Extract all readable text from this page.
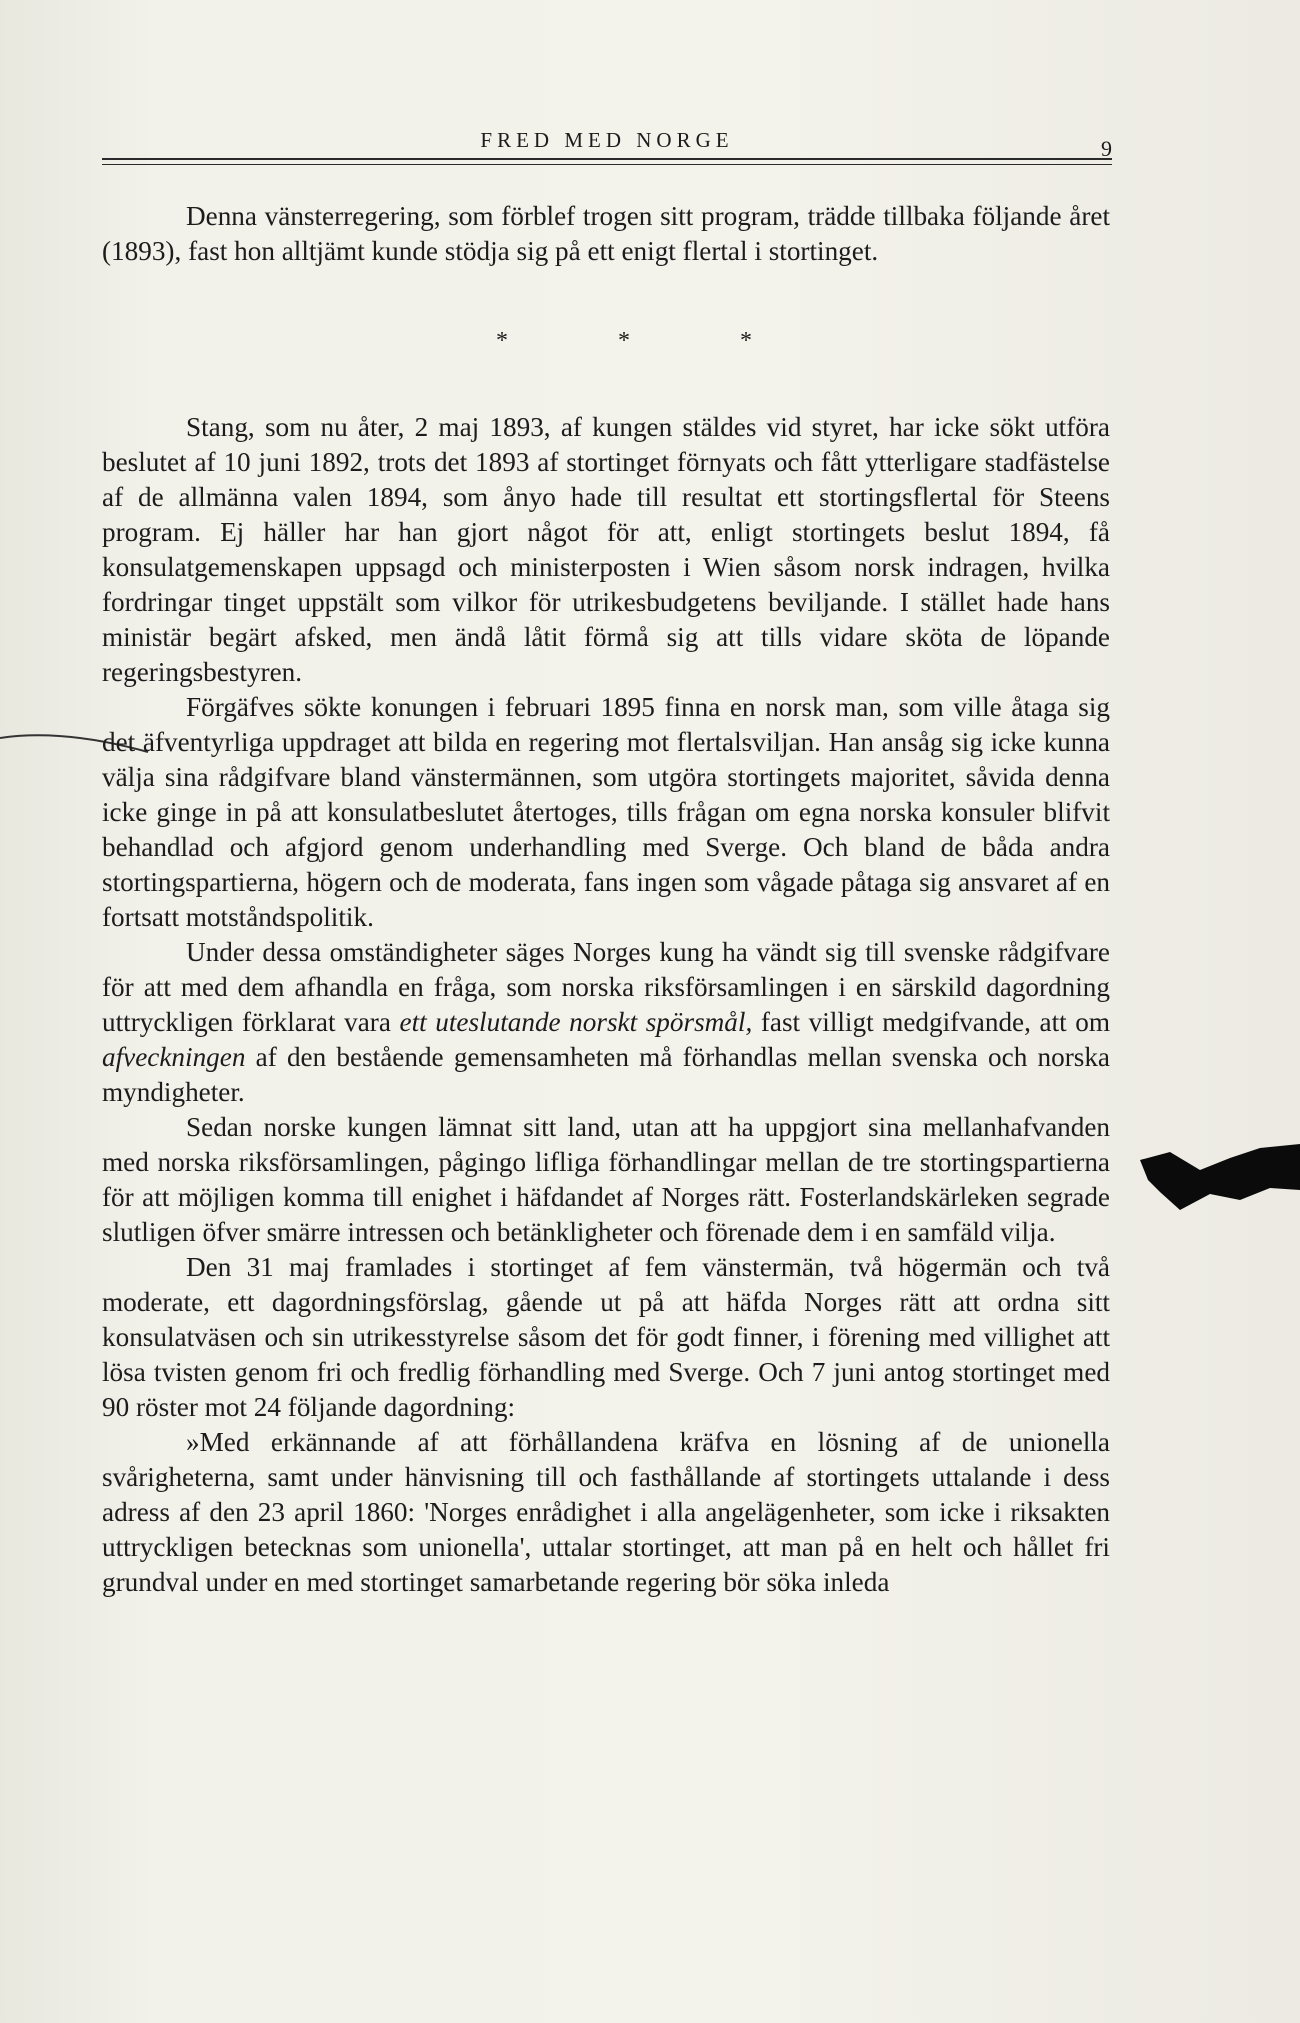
FRED MED NORGE	9

Denna vänsterregering, som förblef trogen sitt program, trädde tillbaka följande året (1893), fast hon alltjämt kunde stödja sig på ett enigt flertal i stortinget.

* * *

Stang, som nu åter, 2 maj 1893, af kungen stäldes vid styret, har icke sökt utföra beslutet af 10 juni 1892, trots det 1893 af stortinget förnyats och fått ytterligare stadfästelse af de allmänna valen 1894, som ånyo hade till resultat ett stortingsflertal för Steens program. Ej häller har han gjort något för att, enligt stortingets beslut 1894, få konsulatgemenskapen uppsagd och ministerposten i Wien såsom norsk indragen, hvilka fordringar tinget uppstält som vilkor för utrikesbudgetens beviljande. I stället hade hans ministär begärt afsked, men ändå låtit förmå sig att tills vidare sköta de löpande regeringsbestyren.

Förgäfves sökte konungen i februari 1895 finna en norsk man, som ville åtaga sig det äfventyrliga uppdraget att bilda en regering mot flertalsviljan. Han ansåg sig icke kunna välja sina rådgifvare bland vänstermännen, som utgöra stortingets majoritet, såvida denna icke ginge in på att konsulatbeslutet återtoges, tills frågan om egna norska konsuler blifvit behandlad och afgjord genom underhandling med Sverge. Och bland de båda andra stortingspartierna, högern och de moderata, fans ingen som vågade påtaga sig ansvaret af en fortsatt motståndspolitik.

Under dessa omständigheter säges Norges kung ha vändt sig till svenske rådgifvare för att med dem afhandla en fråga, som norska riksförsamlingen i en särskild dagordning uttryckligen förklarat vara ett uteslutande norskt spörsmål, fast villigt medgifvande, att om afveckningen af den bestående gemensamheten må förhandlas mellan svenska och norska myndigheter.

Sedan norske kungen lämnat sitt land, utan att ha uppgjort sina mellanhafvanden med norska riksförsamlingen, pågingo lifliga förhandlingar mellan de tre stortingspartierna för att möjligen komma till enighet i häfdandet af Norges rätt. Fosterlandskärleken segrade slutligen öfver smärre intressen och betänkligheter och förenade dem i en samfäld vilja.

Den 31 maj framlades i stortinget af fem vänstermän, två högermän och två moderate, ett dagordningsförslag, gående ut på att häfda Norges rätt att ordna sitt konsulatväsen och sin utrikesstyrelse såsom det för godt finner, i förening med villighet att lösa tvisten genom fri och fredlig förhandling med Sverge. Och 7 juni antog stortinget med 90 röster mot 24 följande dagordning:

»Med erkännande af att förhållandena kräfva en lösning af de unionella svårigheterna, samt under hänvisning till och fasthållande af stortingets uttalande i dess adress af den 23 april 1860: 'Norges enrådighet i alla angelägenheter, som icke i riksakten uttryckligen betecknas som unionella', uttalar stortinget, att man på en helt och hållet fri grundval under en med stortinget samarbetande regering bör söka inleda
